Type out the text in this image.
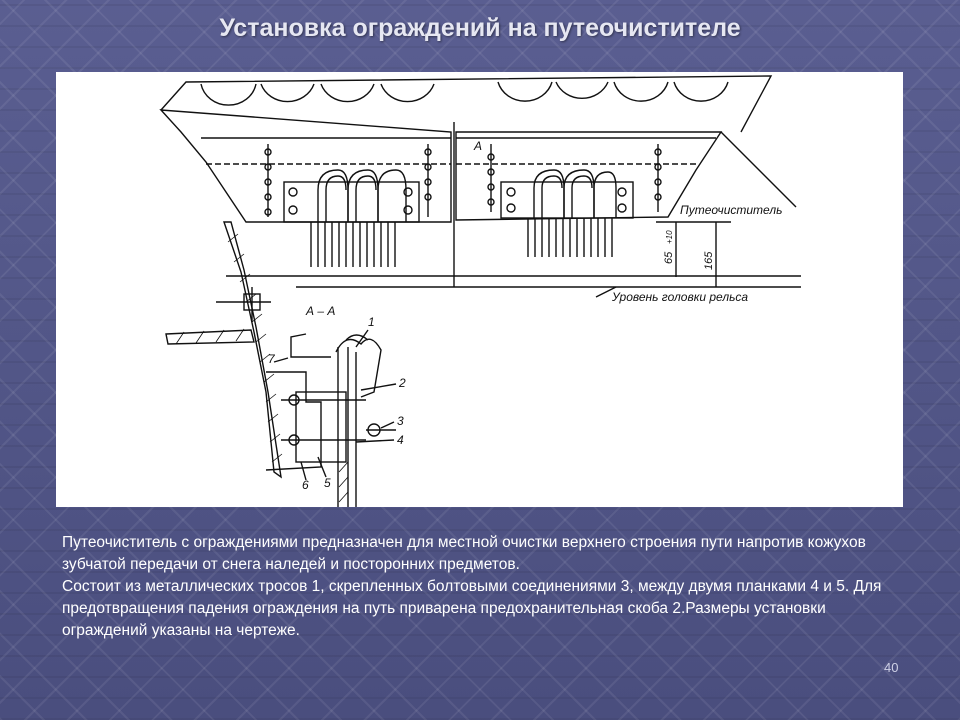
Установка ограждений на путеочистителе
А – А
А
Путеочиститель
Уровень головки рельса
65
+10
165
1
2
3
4
5
6
7

Путеочиститель с ограждениями предназначен для местной очистки верхнего строения пути напротив кожухов зубчатой передачи от снега наледей и посторонних предметов.

Состоит из металлических тросов 1, скрепленных болтовыми соединениями 3, между двумя планками 4 и 5. Для предотвращения падения ограждения на путь приварена предохранительная скоба 2.Размеры установки ограждений указаны на чертеже.

40
